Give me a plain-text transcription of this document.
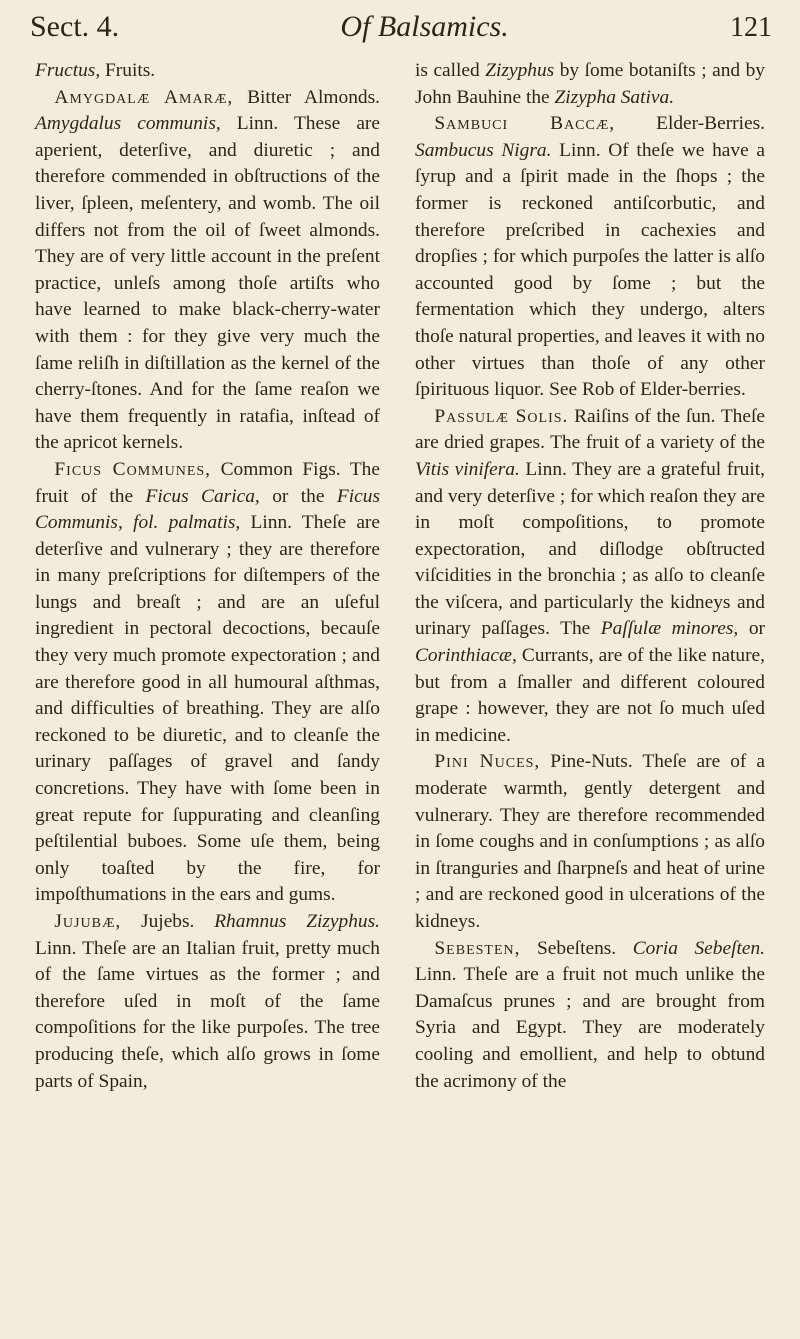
Sect. 4.	Of Balsamics.	121

Fructus, Fruits.

 Amygdalæ Amaræ, Bitter Almonds. Amygdalus communis, Linn. These are aperient, deterſive, and diuretic ; and therefore commended in obſtructions of the liver, ſpleen, meſentery, and womb. The oil differs not from the oil of ſweet almonds. They are of very little account in the preſent practice, unleſs among thoſe artiſts who have learned to make black-cherry-water with them : for they give very much the ſame reliſh in diſtillation as the kernel of the cherry-ſtones. And for the ſame reaſon we have them frequently in ratafia, inſtead of the apricot kernels.

 Ficus Communes, Common Figs. The fruit of the Ficus Carica, or the Ficus Communis, fol. palmatis, Linn. Theſe are deterſive and vulnerary ; they are therefore in many preſcriptions for diſtempers of the lungs and breaſt ; and are an uſeful ingredient in pectoral decoctions, becauſe they very much promote expectoration ; and are therefore good in all humoural aſthmas, and difficulties of breathing. They are alſo reckoned to be diuretic, and to cleanſe the urinary paſſages of gravel and ſandy concretions. They have with ſome been in great repute for ſuppurating and cleanſing peſtilential buboes. Some uſe them, being only toaſted by the fire, for impoſthumations in the ears and gums.

 Jujubæ, Jujebs. Rhamnus Zizyphus. Linn. Theſe are an Italian fruit, pretty much of the ſame virtues as the former ; and therefore uſed in moſt of the ſame compoſitions for the like purpoſes. The tree producing theſe, which alſo grows in ſome parts of Spain,

is called Zizyphus by ſome botaniſts ; and by John Bauhine the Zizypha Sativa.

 Sambuci Baccæ, Elder-Berries. Sambucus Nigra. Linn. Of theſe we have a ſyrup and a ſpirit made in the ſhops ; the former is reckoned antiſcorbutic, and therefore preſcribed in cachexies and dropſies ; for which purpoſes the latter is alſo accounted good by ſome ; but the fermentation which they undergo, alters thoſe natural properties, and leaves it with no other virtues than thoſe of any other ſpirituous liquor. See Rob of Elder-berries.

 Passulæ Solis. Raiſins of the ſun. Theſe are dried grapes. The fruit of a variety of the Vitis vinifera. Linn. They are a grateful fruit, and very deterſive ; for which reaſon they are in moſt compoſitions, to promote expectoration, and diſlodge obſtructed viſcidities in the bronchia ; as alſo to cleanſe the viſcera, and particularly the kidneys and urinary paſſages. The Paſſulæ minores, or Corinthiacæ, Currants, are of the like nature, but from a ſmaller and different coloured grape : however, they are not ſo much uſed in medicine.

 Pini Nuces, Pine-Nuts. Theſe are of a moderate warmth, gently detergent and vulnerary. They are therefore recommended in ſome coughs and in conſumptions ; as alſo in ſtranguries and ſharpneſs and heat of urine ; and are reckoned good in ulcerations of the kidneys.

 Sebesten, Sebeſtens. Coria Sebeſten. Linn. Theſe are a fruit not much unlike the Damaſcus prunes ; and are brought from Syria and Egypt. They are moderately cooling and emollient, and help to obtund the acrimony of the
